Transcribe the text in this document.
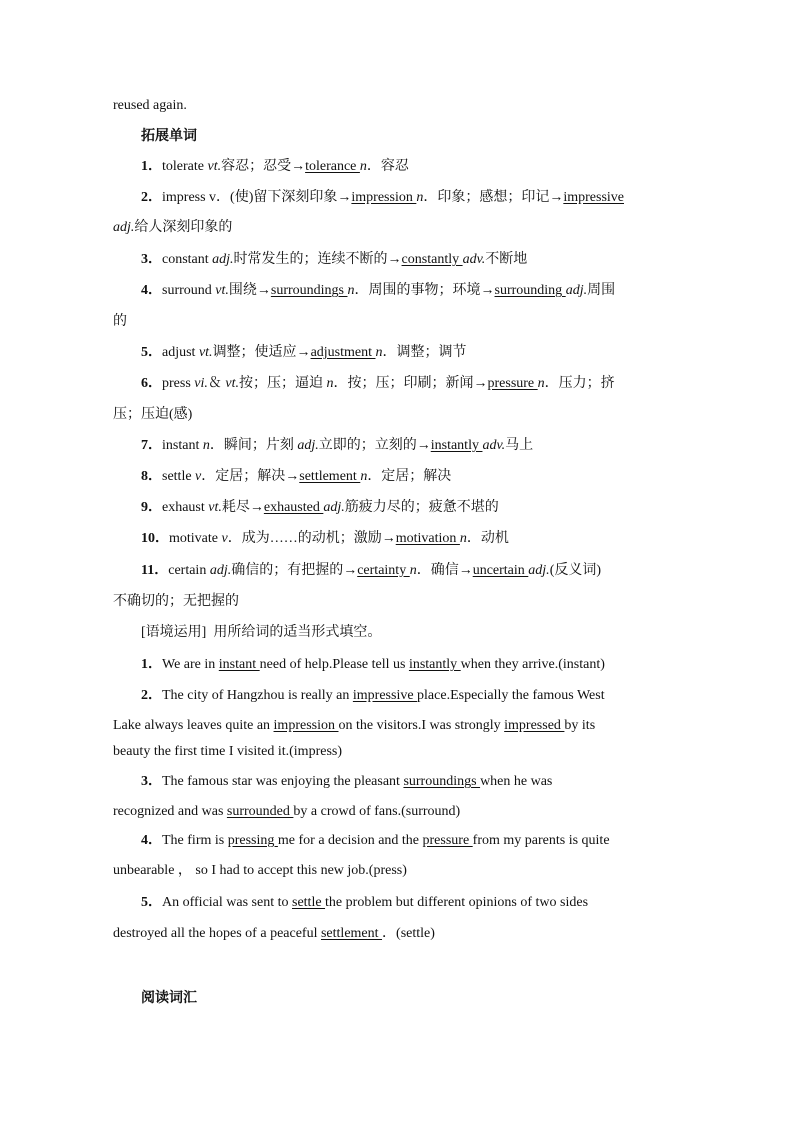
reused again.
拓展单词
1．tolerate vt.容忍；忍受→tolerance n．容忍
2．impress v．(使)留下深刻印象→impression n．印象；感想；印记→impressive
adj.给人深刻印象的
3．constant adj.时常发生的；连续不断的→constantly adv.不断地
4．surround vt.围绕→surroundings n．周围的事物；环境→surrounding adj.周围
的
5．adjust vt.调整；使适应→adjustment n．调整；调节
6．press vi.＆ vt.按；压；逼迫 n．按；压；印刷；新闻→pressure n．压力；挤
压；压迫(感)
7．instant n．瞬间；片刻 adj.立即的；立刻的→instantly adv.马上
8．settle v．定居；解决→settlement n．定居；解决
9．exhaust vt.耗尽→exhausted adj.筋疲力尽的；疲惫不堪的
10．motivate v．成为……的动机；激励→motivation n．动机
11．certain adj.确信的；有把握的→certainty n．确信→uncertain adj.(反义词)
不确切的；无把握的
[语境运用] 用所给词的适当形式填空。
1．We are in instant need of help.Please tell us instantly when they arrive.(instant)
2．The city of Hangzhou is really an impressive place.Especially the famous West
Lake always leaves quite an impression on the visitors.I was strongly impressed by its
beauty the first time I visited it.(impress)
3．The famous star was enjoying the pleasant surroundings when he was
recognized and was surrounded by a crowd of fans.(surround)
4．The firm is pressing me for a decision and the pressure from my parents is quite
unbearable ， so I had to accept this new job.(press)
5．An official was sent to settle the problem but different opinions of two sides
destroyed all the hopes of a peaceful settlement ．(settle)
阅读词汇
